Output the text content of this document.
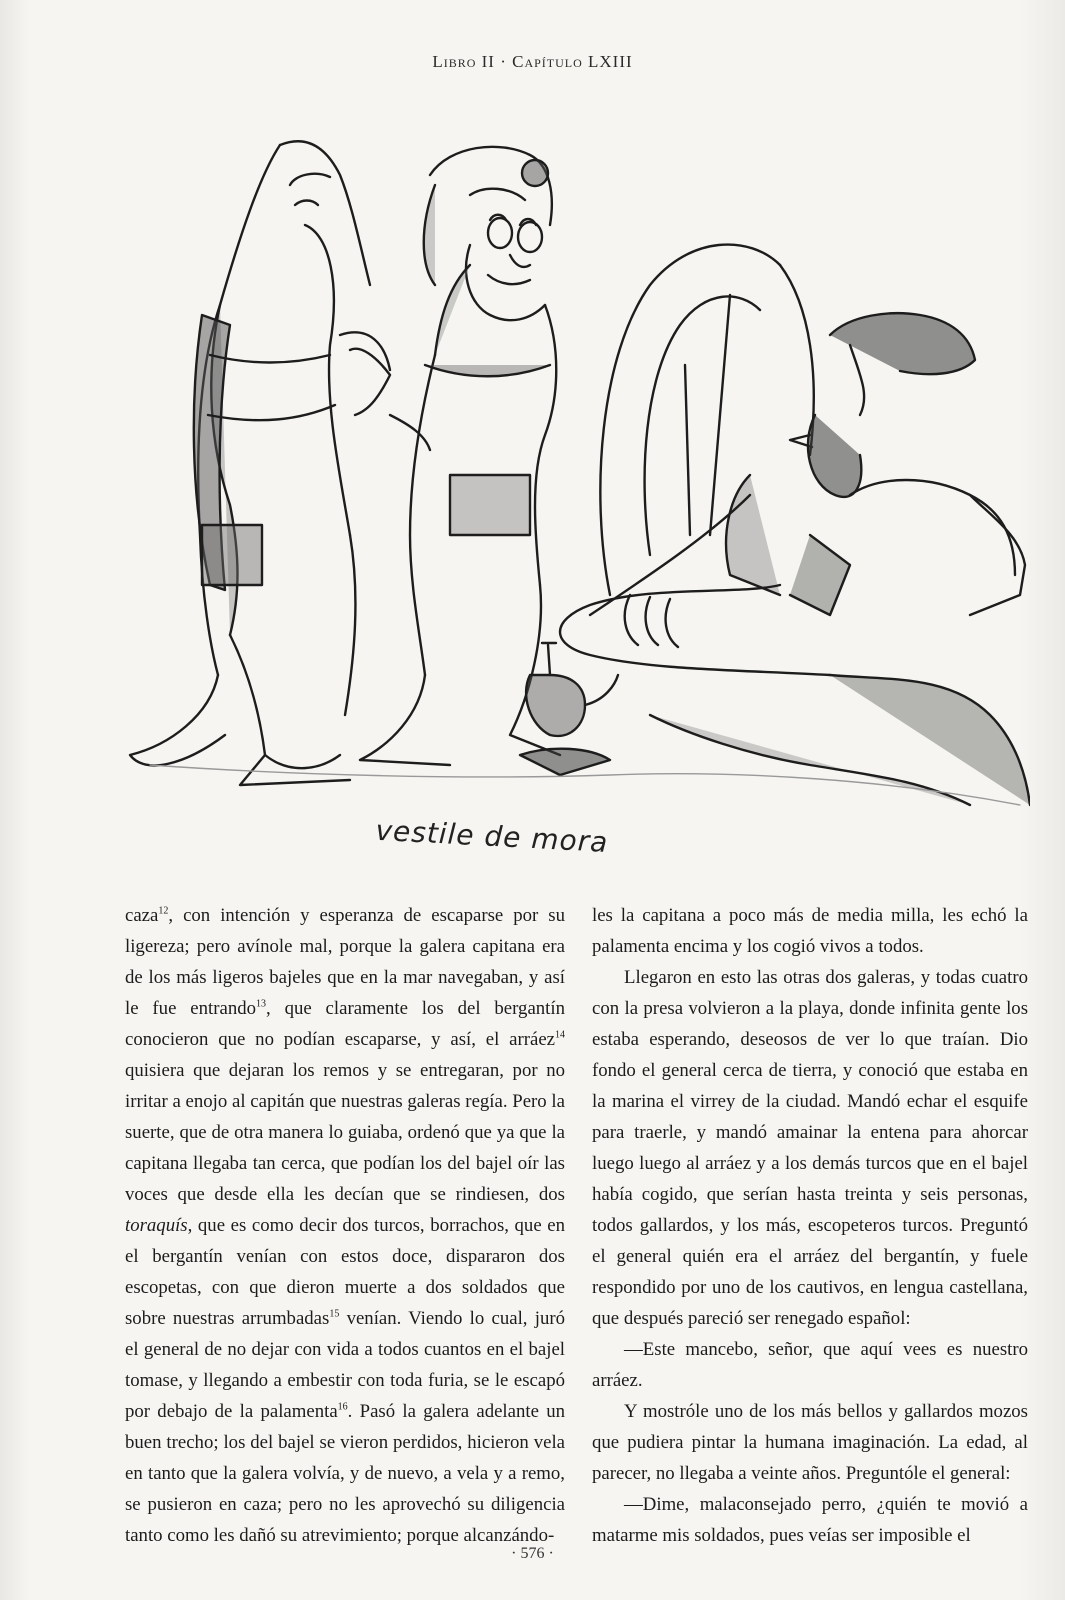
Libro II · Capítulo LXIII
vestile de mora

caza$^{12}$, con intención y esperanza de escaparse por su ligereza; pero avínole mal, porque la galera capitana era de los más ligeros bajeles que en la mar navegaban, y así le fue entrando$^{13}$, que claramente los del bergantín conocieron que no podían escaparse, y así, el arráez$^{14}$ quisiera que dejaran los remos y se entregaran, por no irritar a enojo al capitán que nuestras galeras regía. Pero la suerte, que de otra manera lo guiaba, ordenó que ya que la capitana llegaba tan cerca, que podían los del bajel oír las voces que desde ella les decían que se rindiesen, dos toraquís, que es como decir dos turcos, borrachos, que en el bergantín venían con estos doce, dispararon dos escopetas, con que dieron muerte a dos soldados que sobre nuestras arrumbadas$^{15}$ venían. Viendo lo cual, juró el general de no dejar con vida a todos cuantos en el bajel tomase, y llegando a embestir con toda furia, se le escapó por debajo de la palamenta$^{16}$. Pasó la galera adelante un buen trecho; los del bajel se vieron perdidos, hicieron vela en tanto que la galera volvía, y de nuevo, a vela y a remo, se pusieron en caza; pero no les aprovechó su diligencia tanto como les dañó su atrevimiento; porque alcanzándo-

les la capitana a poco más de media milla, les echó la palamenta encima y los cogió vivos a todos.

Llegaron en esto las otras dos galeras, y todas cuatro con la presa volvieron a la playa, donde infinita gente los estaba esperando, deseosos de ver lo que traían. Dio fondo el general cerca de tierra, y conoció que estaba en la marina el virrey de la ciudad. Mandó echar el esquife para traerle, y mandó amainar la entena para ahorcar luego luego al arráez y a los demás turcos que en el bajel había cogido, que serían hasta treinta y seis personas, todos gallardos, y los más, escopeteros turcos. Preguntó el general quién era el arráez del bergantín, y fuele respondido por uno de los cautivos, en lengua castellana, que después pareció ser renegado español:

—Este mancebo, señor, que aquí vees es nuestro arráez.

Y mostróle uno de los más bellos y gallardos mozos que pudiera pintar la humana imaginación. La edad, al parecer, no llegaba a veinte años. Preguntóle el general:

—Dime, malaconsejado perro, ¿quién te movió a matarme mis soldados, pues veías ser imposible el

· 576 ·
